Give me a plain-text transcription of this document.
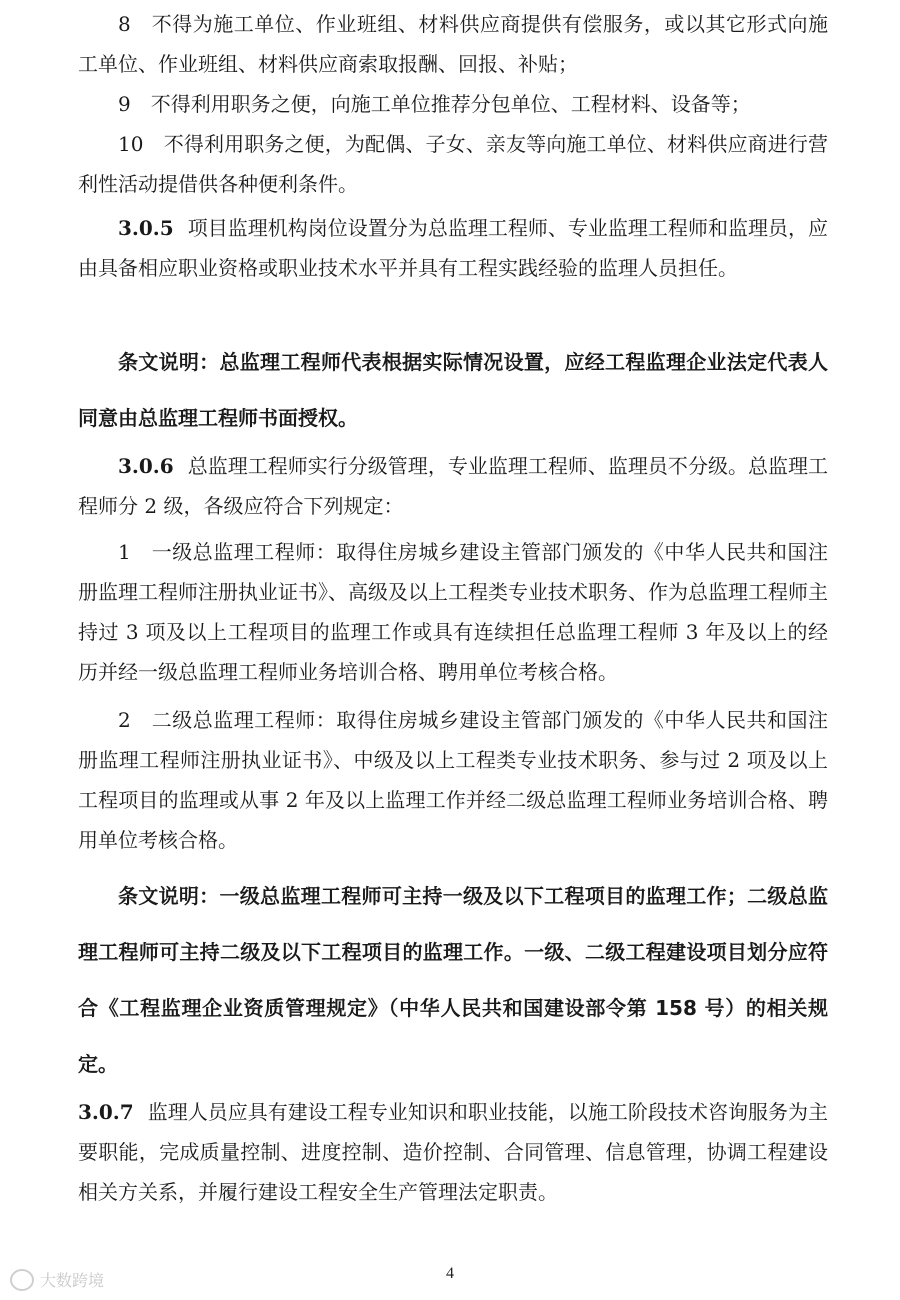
8　不得为施工单位、作业班组、材料供应商提供有偿服务，或以其它形式向施工单位、作业班组、材料供应商索取报酬、回报、补贴；

9　不得利用职务之便，向施工单位推荐分包单位、工程材料、设备等；

10　不得利用职务之便，为配偶、子女、亲友等向施工单位、材料供应商进行营利性活动提借供各种便利条件。

3.0.5 项目监理机构岗位设置分为总监理工程师、专业监理工程师和监理员，应由具备相应职业资格或职业技术水平并具有工程实践经验的监理人员担任。

条文说明：总监理工程师代表根据实际情况设置，应经工程监理企业法定代表人同意由总监理工程师书面授权。

3.0.6 总监理工程师实行分级管理，专业监理工程师、监理员不分级。总监理工程师分 2 级，各级应符合下列规定：

1　一级总监理工程师：取得住房城乡建设主管部门颁发的《中华人民共和国注册监理工程师注册执业证书》、高级及以上工程类专业技术职务、作为总监理工程师主持过 3 项及以上工程项目的监理工作或具有连续担任总监理工程师 3 年及以上的经历并经一级总监理工程师业务培训合格、聘用单位考核合格。

2　二级总监理工程师：取得住房城乡建设主管部门颁发的《中华人民共和国注册监理工程师注册执业证书》、中级及以上工程类专业技术职务、参与过 2 项及以上工程项目的监理或从事 2 年及以上监理工作并经二级总监理工程师业务培训合格、聘用单位考核合格。

条文说明：一级总监理工程师可主持一级及以下工程项目的监理工作；二级总监理工程师可主持二级及以下工程项目的监理工作。一级、二级工程建设项目划分应符合《工程监理企业资质管理规定》（中华人民共和国建设部令第 158 号）的相关规定。

3.0.7 监理人员应具有建设工程专业知识和职业技能，以施工阶段技术咨询服务为主要职能，完成质量控制、进度控制、造价控制、合同管理、信息管理，协调工程建设相关方关系，并履行建设工程安全生产管理法定职责。

4
大数跨境
